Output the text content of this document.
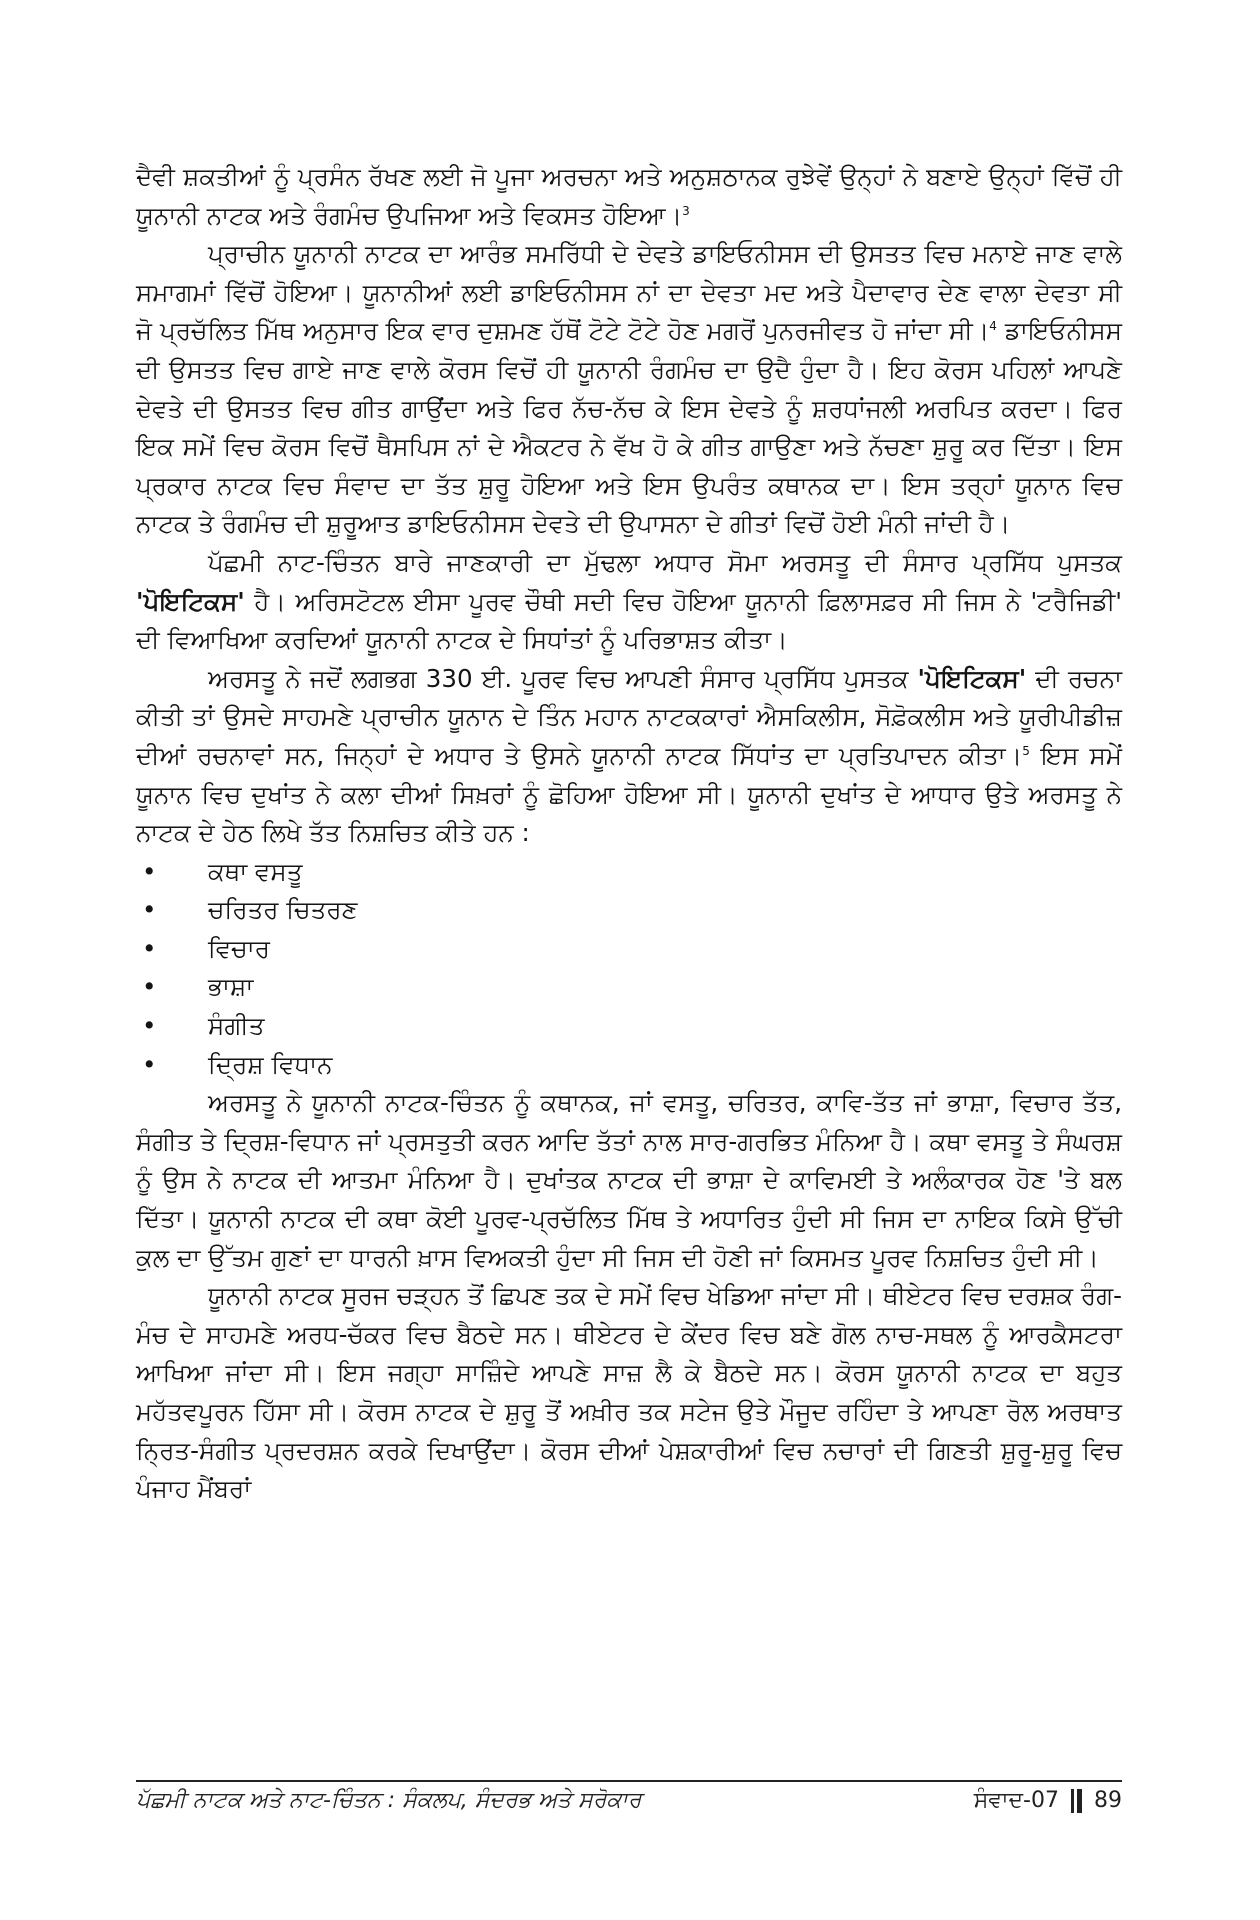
ਦੈਵੀ ਸ਼ਕਤੀਆਂ ਨੂੰ ਪ੍ਰਸੰਨ ਰੱਖਣ ਲਈ ਜੋ ਪੂਜਾ ਅਰਚਨਾ ਅਤੇ ਅਨੁਸ਼ਠਾਨਕ ਰੁਝੇਵੇਂ ਉਨ੍ਹਾਂ ਨੇ ਬਣਾਏ ਉਨ੍ਹਾਂ ਵਿੱਚੋਂ ਹੀ ਯੂਨਾਨੀ ਨਾਟਕ ਅਤੇ ਰੰਗਮੰਚ ਉਪਜਿਆ ਅਤੇ ਵਿਕਸਤ ਹੋਇਆ।$^3$

ਪ੍ਰਾਚੀਨ ਯੂਨਾਨੀ ਨਾਟਕ ਦਾ ਆਰੰਭ ਸਮਰਿੱਧੀ ਦੇ ਦੇਵਤੇ ਡਾਇਓਨੀਸਸ ਦੀ ਉਸਤਤ ਵਿਚ ਮਨਾਏ ਜਾਣ ਵਾਲੇ ਸਮਾਗਮਾਂ ਵਿੱਚੋਂ ਹੋਇਆ। ਯੂਨਾਨੀਆਂ ਲਈ ਡਾਇਓਨੀਸਸ ਨਾਂ ਦਾ ਦੇਵਤਾ ਮਦ ਅਤੇ ਪੈਦਾਵਾਰ ਦੇਣ ਵਾਲਾ ਦੇਵਤਾ ਸੀ ਜੋ ਪ੍ਰਚੱਲਿਤ ਮਿੱਥ ਅਨੁਸਾਰ ਇਕ ਵਾਰ ਦੁਸ਼ਮਣ ਹੱਥੋਂ ਟੋਟੇ ਟੋਟੇ ਹੋਣ ਮਗਰੋਂ ਪੁਨਰਜੀਵਤ ਹੋ ਜਾਂਦਾ ਸੀ।$^4$ ਡਾਇਓਨੀਸਸ ਦੀ ਉਸਤਤ ਵਿਚ ਗਾਏ ਜਾਣ ਵਾਲੇ ਕੋਰਸ ਵਿਚੋਂ ਹੀ ਯੂਨਾਨੀ ਰੰਗਮੰਚ ਦਾ ਉਦੈ ਹੁੰਦਾ ਹੈ। ਇਹ ਕੋਰਸ ਪਹਿਲਾਂ ਆਪਣੇ ਦੇਵਤੇ ਦੀ ਉਸਤਤ ਵਿਚ ਗੀਤ ਗਾਉਂਦਾ ਅਤੇ ਫਿਰ ਨੱਚ-ਨੱਚ ਕੇ ਇਸ ਦੇਵਤੇ ਨੂੰ ਸ਼ਰਧਾਂਜਲੀ ਅਰਪਿਤ ਕਰਦਾ। ਫਿਰ ਇਕ ਸਮੇਂ ਵਿਚ ਕੋਰਸ ਵਿਚੋਂ ਥੈਸਪਿਸ ਨਾਂ ਦੇ ਐਕਟਰ ਨੇ ਵੱਖ ਹੋ ਕੇ ਗੀਤ ਗਾਉਣਾ ਅਤੇ ਨੱਚਣਾ ਸ਼ੁਰੂ ਕਰ ਦਿੱਤਾ। ਇਸ ਪ੍ਰਕਾਰ ਨਾਟਕ ਵਿਚ ਸੰਵਾਦ ਦਾ ਤੱਤ ਸ਼ੁਰੂ ਹੋਇਆ ਅਤੇ ਇਸ ਉਪਰੰਤ ਕਥਾਨਕ ਦਾ। ਇਸ ਤਰ੍ਹਾਂ ਯੂਨਾਨ ਵਿਚ ਨਾਟਕ ਤੇ ਰੰਗਮੰਚ ਦੀ ਸ਼ੁਰੂਆਤ ਡਾਇਓਨੀਸਸ ਦੇਵਤੇ ਦੀ ਉਪਾਸਨਾ ਦੇ ਗੀਤਾਂ ਵਿਚੋਂ ਹੋਈ ਮੰਨੀ ਜਾਂਦੀ ਹੈ।

ਪੱਛਮੀ ਨਾਟ-ਚਿੰਤਨ ਬਾਰੇ ਜਾਣਕਾਰੀ ਦਾ ਮੁੱਢਲਾ ਅਧਾਰ ਸੋਮਾ ਅਰਸਤੂ ਦੀ ਸੰਸਾਰ ਪ੍ਰਸਿੱਧ ਪੁਸਤਕ 'ਪੋਇਟਿਕਸ' ਹੈ। ਅਰਿਸਟੋਟਲ ਈਸਾ ਪੂਰਵ ਚੌਥੀ ਸਦੀ ਵਿਚ ਹੋਇਆ ਯੂਨਾਨੀ ਫ਼ਿਲਾਸਫ਼ਰ ਸੀ ਜਿਸ ਨੇ 'ਟਰੈਜਿਡੀ' ਦੀ ਵਿਆਖਿਆ ਕਰਦਿਆਂ ਯੂਨਾਨੀ ਨਾਟਕ ਦੇ ਸਿਧਾਂਤਾਂ ਨੂੰ ਪਰਿਭਾਸ਼ਤ ਕੀਤਾ।

ਅਰਸਤੂ ਨੇ ਜਦੋਂ ਲਗਭਗ 330 ਈ. ਪੂਰਵ ਵਿਚ ਆਪਣੀ ਸੰਸਾਰ ਪ੍ਰਸਿੱਧ ਪੁਸਤਕ 'ਪੋਇਟਿਕਸ' ਦੀ ਰਚਨਾ ਕੀਤੀ ਤਾਂ ਉਸਦੇ ਸਾਹਮਣੇ ਪ੍ਰਾਚੀਨ ਯੂਨਾਨ ਦੇ ਤਿੰਨ ਮਹਾਨ ਨਾਟਕਕਾਰਾਂ ਐਸਕਿਲੀਸ, ਸੋਫ਼ੋਕਲੀਸ ਅਤੇ ਯੂਰੀਪੀਡੀਜ਼ ਦੀਆਂ ਰਚਨਾਵਾਂ ਸਨ, ਜਿਨ੍ਹਾਂ ਦੇ ਅਧਾਰ ਤੇ ਉਸਨੇ ਯੂਨਾਨੀ ਨਾਟਕ ਸਿੱਧਾਂਤ ਦਾ ਪ੍ਰਤਿਪਾਦਨ ਕੀਤਾ।$^5$ ਇਸ ਸਮੇਂ ਯੂਨਾਨ ਵਿਚ ਦੁਖਾਂਤ ਨੇ ਕਲਾ ਦੀਆਂ ਸਿਖ਼ਰਾਂ ਨੂੰ ਛੋਹਿਆ ਹੋਇਆ ਸੀ। ਯੂਨਾਨੀ ਦੁਖਾਂਤ ਦੇ ਆਧਾਰ ਉਤੇ ਅਰਸਤੂ ਨੇ ਨਾਟਕ ਦੇ ਹੇਠ ਲਿਖੇ ਤੱਤ ਨਿਸ਼ਚਿਤ ਕੀਤੇ ਹਨ :

• ਕਥਾ ਵਸਤੂ
• ਚਰਿਤਰ ਚਿਤਰਣ
• ਵਿਚਾਰ
• ਭਾਸ਼ਾ
• ਸੰਗੀਤ
• ਦ੍ਰਿਸ਼ ਵਿਧਾਨ

ਅਰਸਤੂ ਨੇ ਯੂਨਾਨੀ ਨਾਟਕ-ਚਿੰਤਨ ਨੂੰ ਕਥਾਨਕ, ਜਾਂ ਵਸਤੂ, ਚਰਿਤਰ, ਕਾਵਿ-ਤੱਤ ਜਾਂ ਭਾਸ਼ਾ, ਵਿਚਾਰ ਤੱਤ, ਸੰਗੀਤ ਤੇ ਦ੍ਰਿਸ਼-ਵਿਧਾਨ ਜਾਂ ਪ੍ਰਸਤੁਤੀ ਕਰਨ ਆਦਿ ਤੱਤਾਂ ਨਾਲ ਸਾਰ-ਗਰਭਿਤ ਮੰਨਿਆ ਹੈ। ਕਥਾ ਵਸਤੂ ਤੇ ਸੰਘਰਸ਼ ਨੂੰ ਉਸ ਨੇ ਨਾਟਕ ਦੀ ਆਤਮਾ ਮੰਨਿਆ ਹੈ। ਦੁਖਾਂਤਕ ਨਾਟਕ ਦੀ ਭਾਸ਼ਾ ਦੇ ਕਾਵਿਮਈ ਤੇ ਅਲੰਕਾਰਕ ਹੋਣ 'ਤੇ ਬਲ ਦਿੱਤਾ। ਯੂਨਾਨੀ ਨਾਟਕ ਦੀ ਕਥਾ ਕੋਈ ਪੂਰਵ-ਪ੍ਰਚੱਲਿਤ ਮਿੱਥ ਤੇ ਅਧਾਰਿਤ ਹੁੰਦੀ ਸੀ ਜਿਸ ਦਾ ਨਾਇਕ ਕਿਸੇ ਉੱਚੀ ਕੁਲ ਦਾ ਉੱਤਮ ਗੁਣਾਂ ਦਾ ਧਾਰਨੀ ਖ਼ਾਸ ਵਿਅਕਤੀ ਹੁੰਦਾ ਸੀ ਜਿਸ ਦੀ ਹੋਣੀ ਜਾਂ ਕਿਸਮਤ ਪੂਰਵ ਨਿਸ਼ਚਿਤ ਹੁੰਦੀ ਸੀ।

ਯੂਨਾਨੀ ਨਾਟਕ ਸੂਰਜ ਚੜ੍ਹਨ ਤੋਂ ਛਿਪਣ ਤਕ ਦੇ ਸਮੇਂ ਵਿਚ ਖੇਡਿਆ ਜਾਂਦਾ ਸੀ। ਥੀਏਟਰ ਵਿਚ ਦਰਸ਼ਕ ਰੰਗ-ਮੰਚ ਦੇ ਸਾਹਮਣੇ ਅਰਧ-ਚੱਕਰ ਵਿਚ ਬੈਠਦੇ ਸਨ। ਥੀਏਟਰ ਦੇ ਕੇਂਦਰ ਵਿਚ ਬਣੇ ਗੋਲ ਨਾਚ-ਸਥਲ ਨੂੰ ਆਰਕੈਸਟਰਾ ਆਖਿਆ ਜਾਂਦਾ ਸੀ। ਇਸ ਜਗ੍ਹਾ ਸਾਜ਼ਿੰਦੇ ਆਪਣੇ ਸਾਜ਼ ਲੈ ਕੇ ਬੈਠਦੇ ਸਨ। ਕੋਰਸ ਯੂਨਾਨੀ ਨਾਟਕ ਦਾ ਬਹੁਤ ਮਹੱਤਵਪੂਰਨ ਹਿੱਸਾ ਸੀ। ਕੋਰਸ ਨਾਟਕ ਦੇ ਸ਼ੁਰੂ ਤੋਂ ਅਖ਼ੀਰ ਤਕ ਸਟੇਜ ਉਤੇ ਮੌਜੂਦ ਰਹਿੰਦਾ ਤੇ ਆਪਣਾ ਰੋਲ ਅਰਥਾਤ ਨ੍ਰਿਤ-ਸੰਗੀਤ ਪ੍ਰਦਰਸ਼ਨ ਕਰਕੇ ਦਿਖਾਉਂਦਾ। ਕੋਰਸ ਦੀਆਂ ਪੇਸ਼ਕਾਰੀਆਂ ਵਿਚ ਨਚਾਰਾਂ ਦੀ ਗਿਣਤੀ ਸ਼ੁਰੂ-ਸ਼ੁਰੂ ਵਿਚ ਪੰਜਾਹ ਮੈਂਬਰਾਂ

ਪੱਛਮੀ ਨਾਟਕ ਅਤੇ ਨਾਟ-ਚਿੰਤਨ : ਸੰਕਲਪ, ਸੰਦਰਭ ਅਤੇ ਸਰੋਕਾਰ	ਸੰਵਾਦ-07 89
